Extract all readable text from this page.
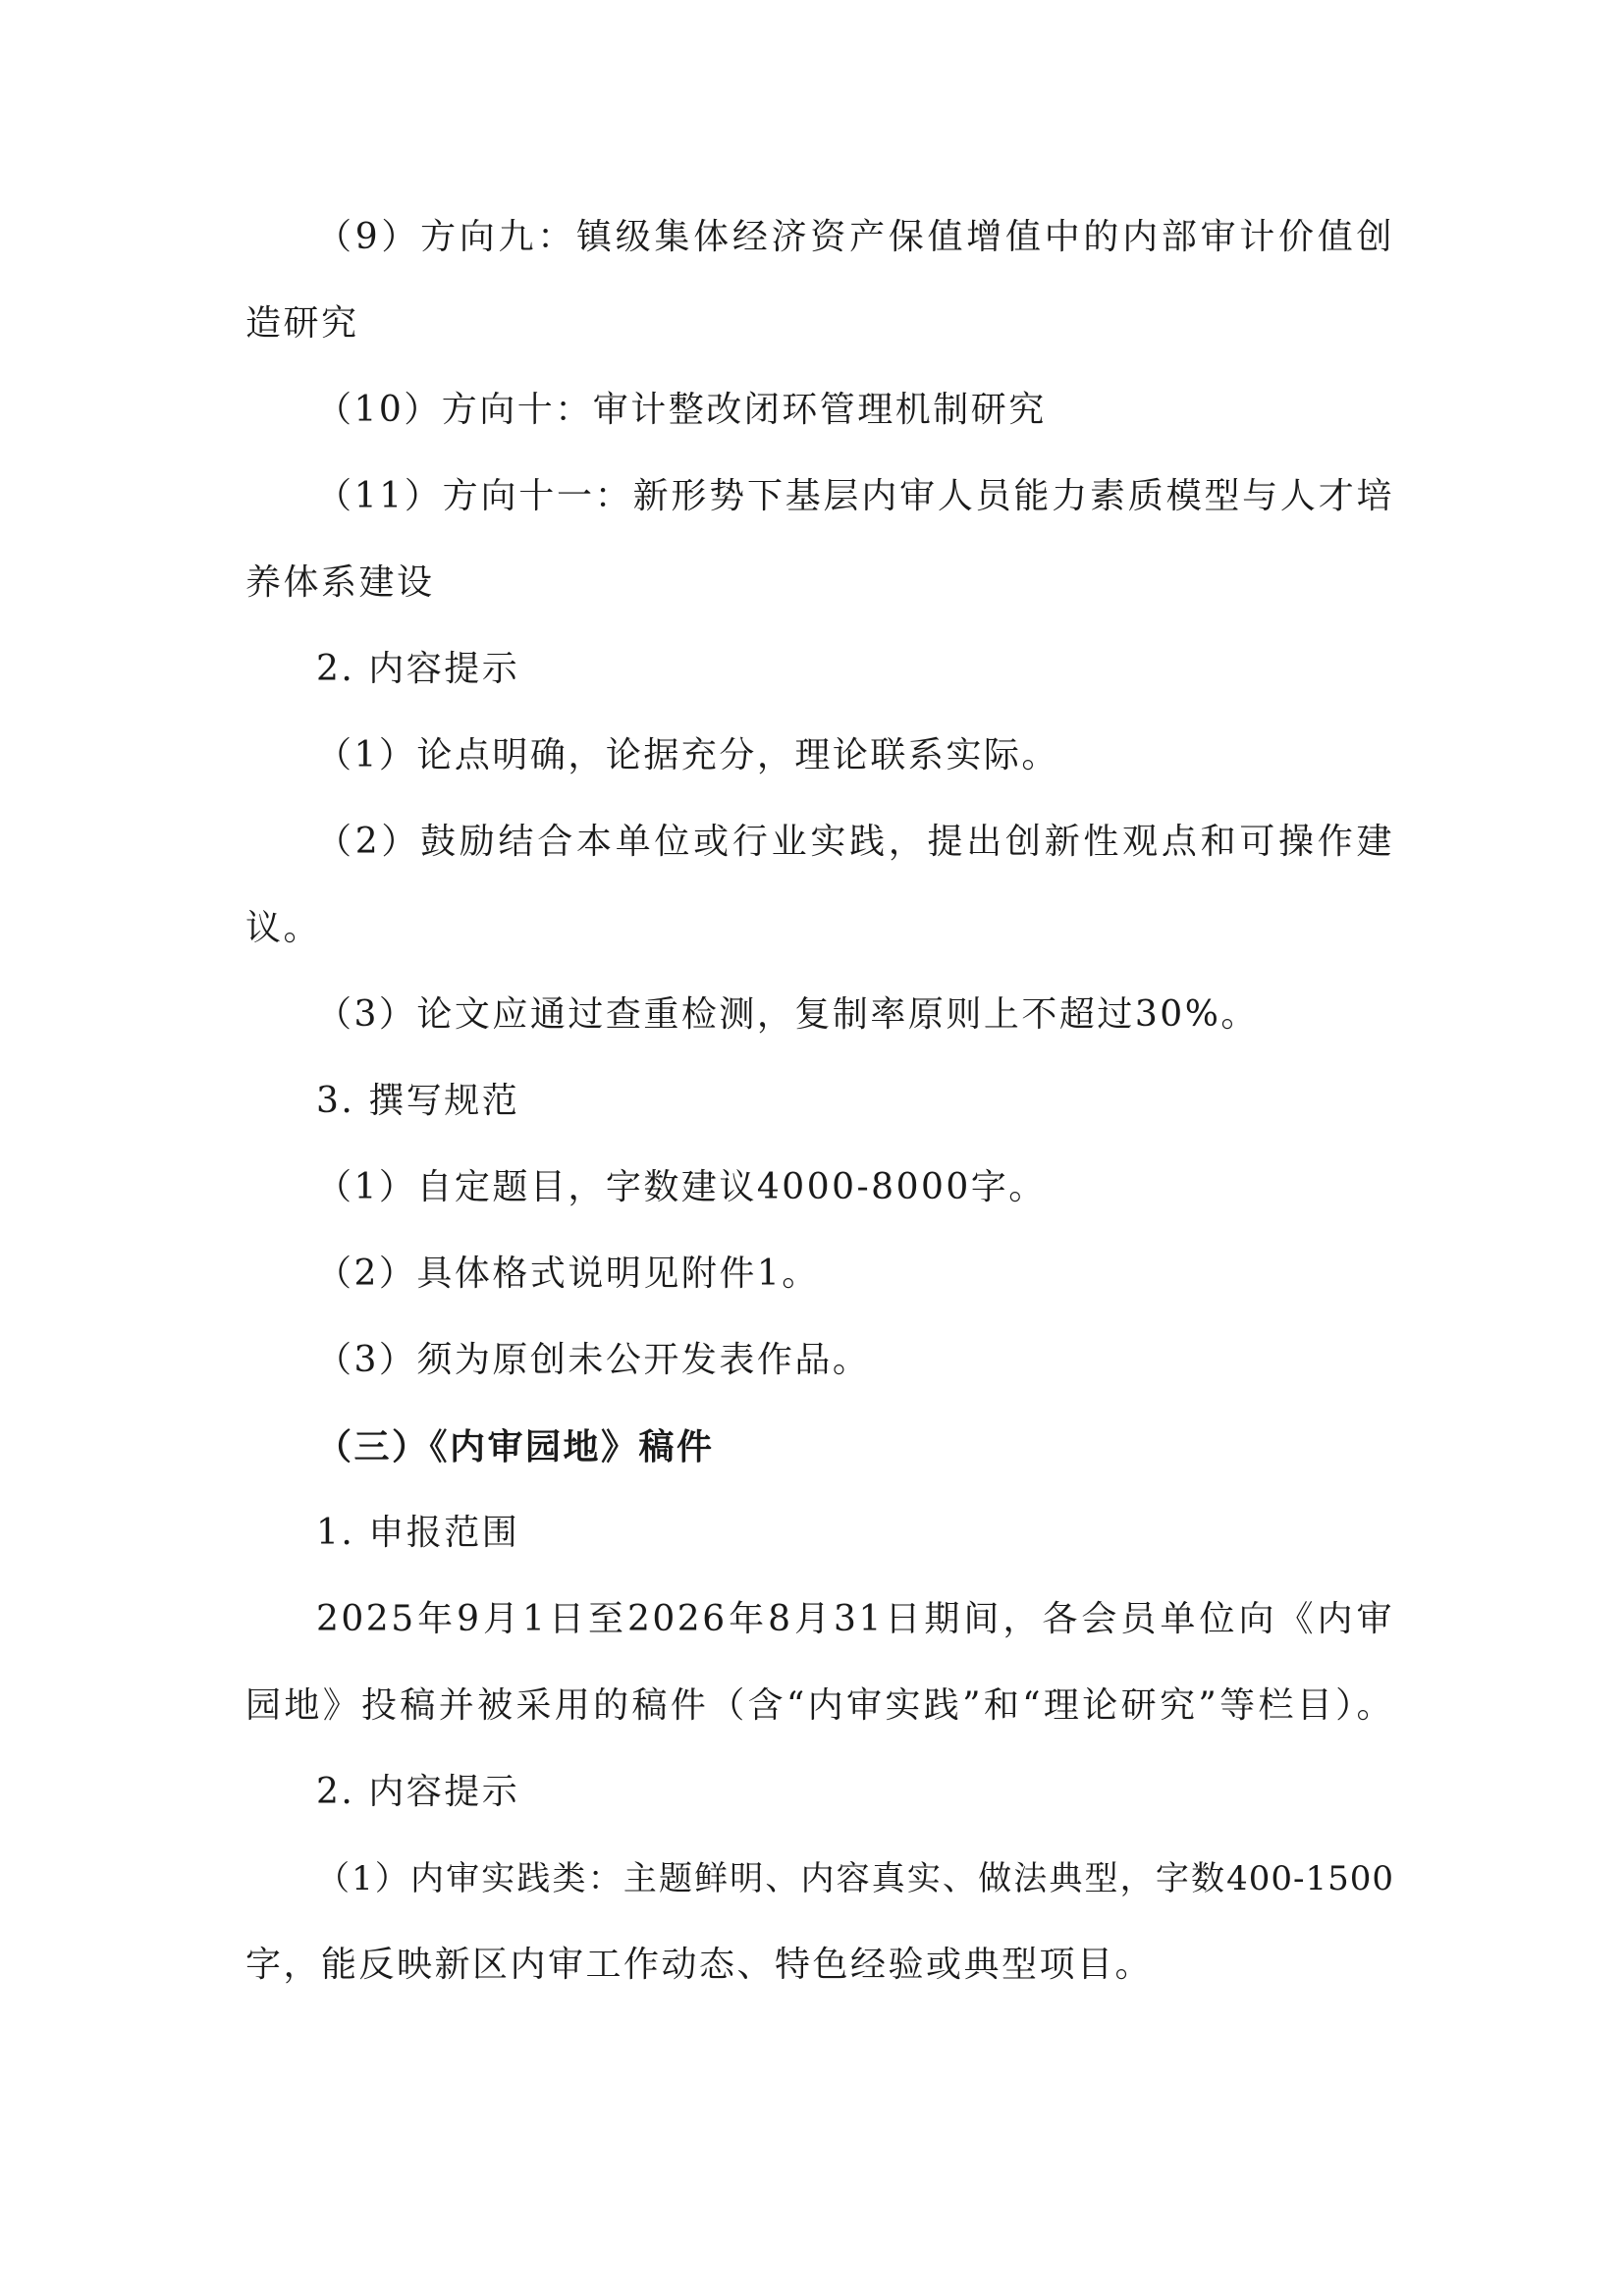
（9）方向九：镇级集体经济资产保值增值中的内部审计价值创
造研究
（10）方向十：审计整改闭环管理机制研究
（11）方向十一：新形势下基层内审人员能力素质模型与人才培
养体系建设
2. 内容提示
（1）论点明确，论据充分，理论联系实际。
（2）鼓励结合本单位或行业实践，提出创新性观点和可操作建
议。
（3）论文应通过查重检测，复制率原则上不超过30%。
3. 撰写规范
（1）自定题目，字数建议4000-8000字。
（2）具体格式说明见附件1。
（3）须为原创未公开发表作品。
（三）《内审园地》稿件
1. 申报范围
2025年9月1日至2026年8月31日期间，各会员单位向《内审
园地》投稿并被采用的稿件（含“内审实践”和“理论研究”等栏目）。
2. 内容提示
（1）内审实践类：主题鲜明、内容真实、做法典型，字数400-1500
字，能反映新区内审工作动态、特色经验或典型项目。
